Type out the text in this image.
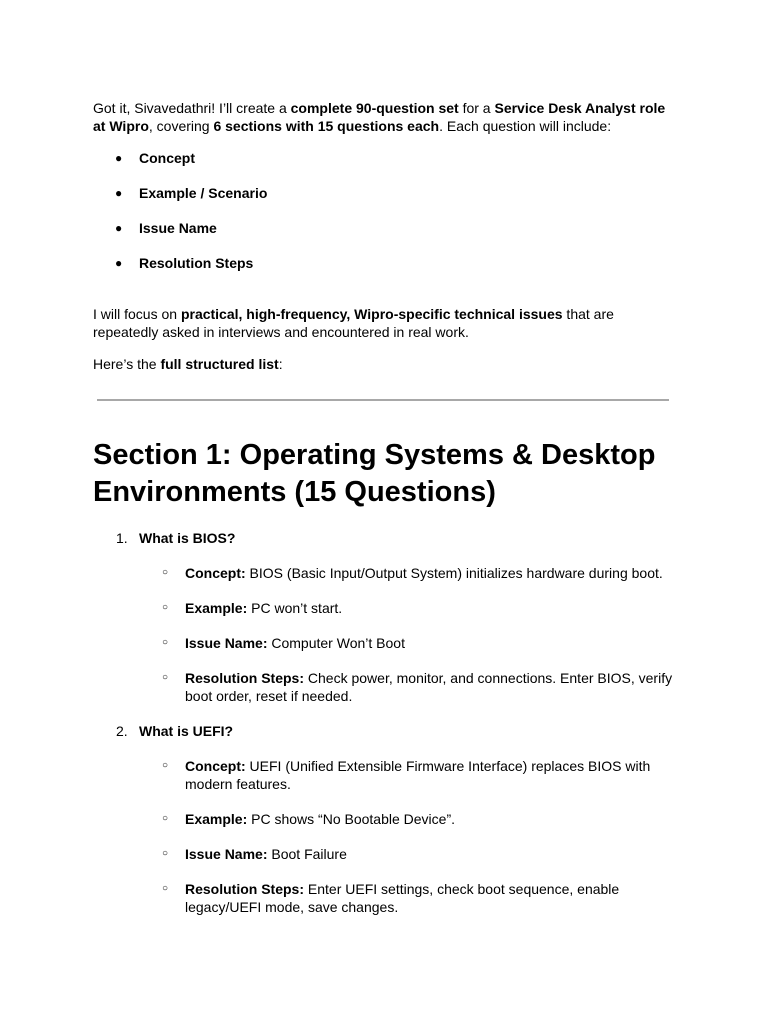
Got it, Sivavedathri! I’ll create a complete 90-question set for a Service Desk Analyst role at Wipro, covering 6 sections with 15 questions each. Each question will include:

● Concept
● Example / Scenario
● Issue Name
● Resolution Steps

I will focus on practical, high-frequency, Wipro-specific technical issues that are repeatedly asked in interviews and encountered in real work.

Here’s the full structured list:

Section 1: Operating Systems & Desktop Environments (15 Questions)
1. What is BIOS?
○ Concept: BIOS (Basic Input/Output System) initializes hardware during boot.
○ Example: PC won’t start.
○ Issue Name: Computer Won’t Boot
○ Resolution Steps: Check power, monitor, and connections. Enter BIOS, verify boot order, reset if needed.
2. What is UEFI?
○ Concept: UEFI (Unified Extensible Firmware Interface) replaces BIOS with modern features.
○ Example: PC shows “No Bootable Device”.
○ Issue Name: Boot Failure
○ Resolution Steps: Enter UEFI settings, check boot sequence, enable legacy/UEFI mode, save changes.
